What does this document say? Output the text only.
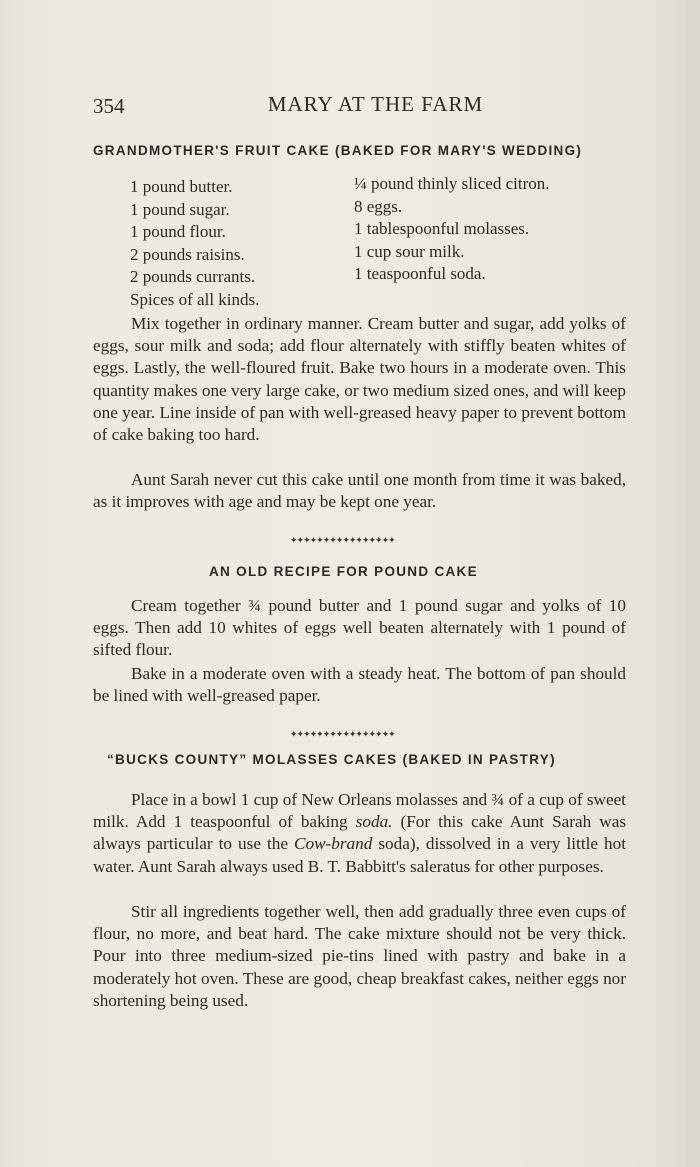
354	MARY AT THE FARM
GRANDMOTHER'S FRUIT CAKE (BAKED FOR MARY'S WEDDING)
1 pound butter.
1 pound sugar.
1 pound flour.
2 pounds raisins.
2 pounds currants.
Spices of all kinds.
¼ pound thinly sliced citron.
8 eggs.
1 tablespoonful molasses.
1 cup sour milk.
1 teaspoonful soda.

Mix together in ordinary manner. Cream butter and sugar, add yolks of eggs, sour milk and soda; add flour alternately with stiffly beaten whites of eggs. Lastly, the well-floured fruit. Bake two hours in a moderate oven. This quantity makes one very large cake, or two medium sized ones, and will keep one year. Line inside of pan with well-greased heavy paper to prevent bottom of cake baking too hard.

Aunt Sarah never cut this cake until one month from time it was baked, as it improves with age and may be kept one year.

✦✦✦✦✦✦✦✦✦✦✦✦✦✦✦✦
AN OLD RECIPE FOR POUND CAKE

Cream together ¾ pound butter and 1 pound sugar and yolks of 10 eggs. Then add 10 whites of eggs well beaten alternately with 1 pound of sifted flour.

Bake in a moderate oven with a steady heat. The bottom of pan should be lined with well-greased paper.

✦✦✦✦✦✦✦✦✦✦✦✦✦✦✦✦
“BUCKS COUNTY” MOLASSES CAKES (BAKED IN PASTRY)

Place in a bowl 1 cup of New Orleans molasses and ¾ of a cup of sweet milk. Add 1 teaspoonful of baking soda. (For this cake Aunt Sarah was always particular to use the Cow-brand soda), dissolved in a very little hot water. Aunt Sarah always used B. T. Babbitt's saleratus for other purposes.

Stir all ingredients together well, then add gradually three even cups of flour, no more, and beat hard. The cake mixture should not be very thick. Pour into three medium-sized pie-tins lined with pastry and bake in a moderately hot oven. These are good, cheap breakfast cakes, neither eggs nor shortening being used.
